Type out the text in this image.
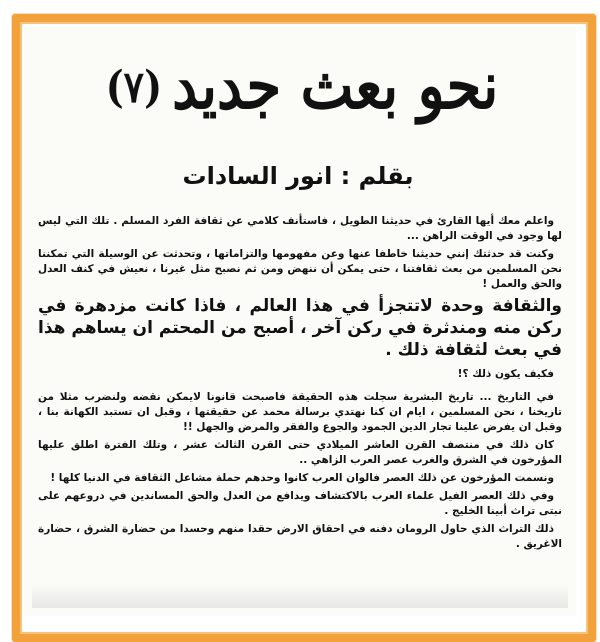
نحو بعث جديد
(٧)
بقلم : انور السادات

واعلم معك أيها القارئ في حديثنا الطويل ، فاستأنف كلامي عن ثقافة الفرد المسلم . تلك التي ليس لها وجود في الوقت الراهن ...

وكنت قد حدثتك إنني حديثنا خاطفا عنها وعن مفهومها والتزاماتها ، وتحدثت عن الوسيلة التي تمكننا نحن المسلمين من بعث ثقافتنا ، حتى يمكن أن ننهض ومن ثم نصبح مثل غيرنا ، نعيش في كنف العدل والحق والعمل !

والثقافة وحدة لاتتجزأ في هذا العالم ، فاذا كانت مزدهرة في ركن منه ومندثرة في ركن آخر ، أصبح من المحتم ان يساهم هذا في بعث لثقافة ذلك .

فكيف يكون ذلك ؟!

في التاريخ ... تاريخ البشرية سجلت هذه الحقيقة فاصبحت قانونا لايمكن نقضه ولنضرب مثلا من تاريخنا ، نحن المسلمين ، ايام ان كنا نهتدي برسالة محمد عن حقيقتها ، وقبل ان تستبد الكهانة بنا ، وقبل ان يفرض علينا تجار الدين الجمود والجوع والفقر والمرض والجهل !!

كان ذلك في منتصف القرن العاشر الميلادي حتى القرن الثالث عشر ، وتلك الفترة اطلق عليها المؤرخون في الشرق والغرب عصر العرب الزاهي ..

ونسمت المؤرخون عن ذلك العصر فالوان العرب كانوا وحدهم حملة مشاعل الثقافة في الدنيا كلها !

وفي ذلك العصر الفيل علماء العرب بالاكتشاف ويدافع من العدل والحق المساندين في دروعهم على نبتى تراث أبينا الخليج .

ذلك التراث الذي حاول الرومان دفنه في احقاق الارض حقدا منهم وحسدا من حضارة الشرق ، حضارة الاغريق .
